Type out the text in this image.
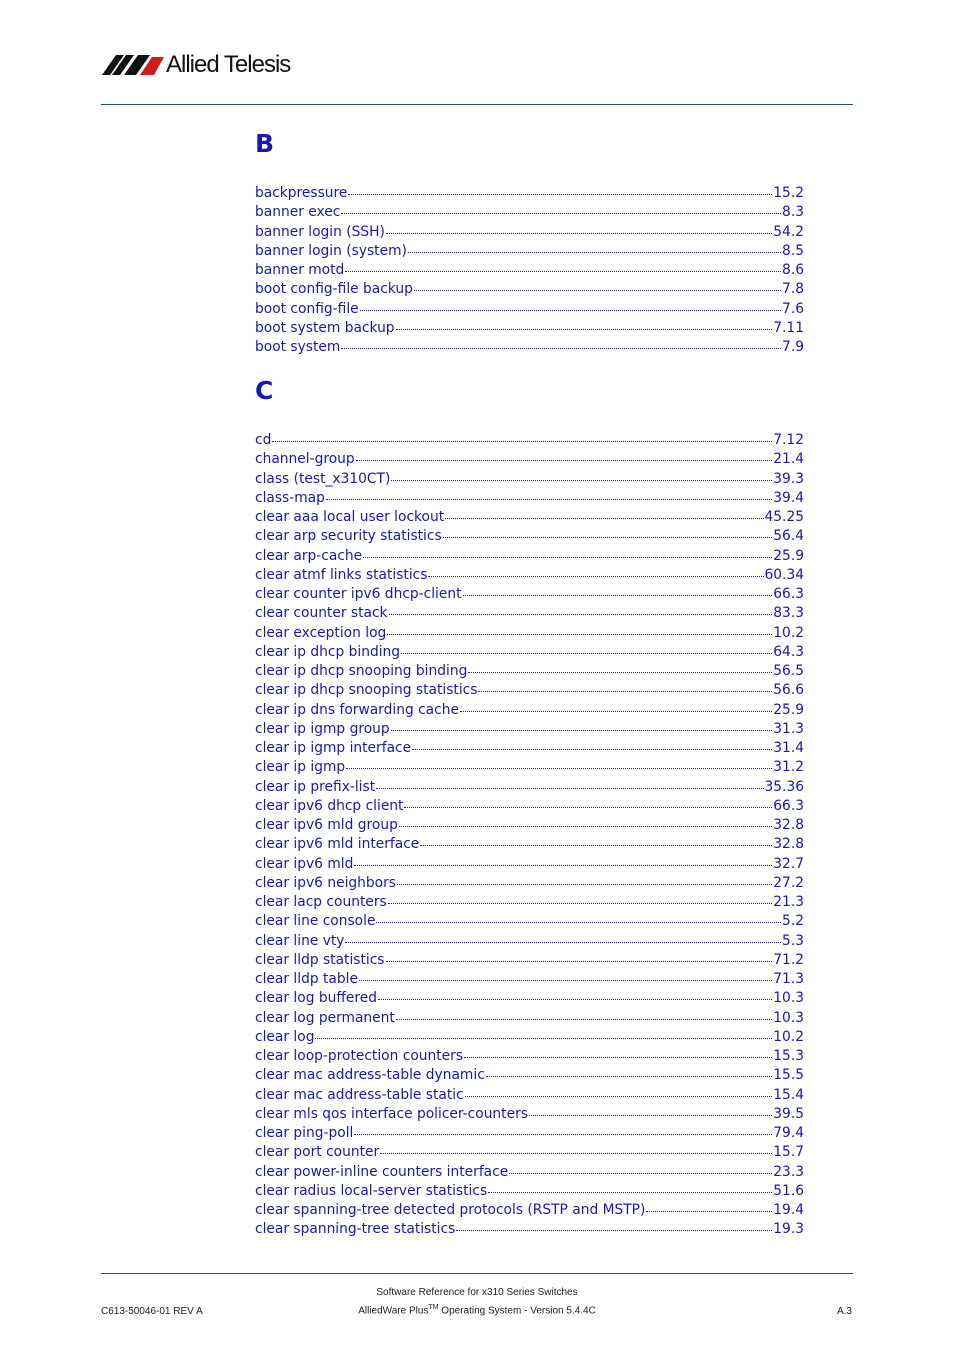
Allied Telesis
B
backpressure	15.2
banner exec	8.3
banner login (SSH)	54.2
banner login (system)	8.5
banner motd	8.6
boot config-file backup	7.8
boot config-file	7.6
boot system backup	7.11
boot system	7.9
C
cd	7.12
channel-group	21.4
class (test_x310CT)	39.3
class-map	39.4
clear aaa local user lockout	45.25
clear arp security statistics	56.4
clear arp-cache	25.9
clear atmf links statistics	60.34
clear counter ipv6 dhcp-client	66.3
clear counter stack	83.3
clear exception log	10.2
clear ip dhcp binding	64.3
clear ip dhcp snooping binding	56.5
clear ip dhcp snooping statistics	56.6
clear ip dns forwarding cache	25.9
clear ip igmp group	31.3
clear ip igmp interface	31.4
clear ip igmp	31.2
clear ip prefix-list	35.36
clear ipv6 dhcp client	66.3
clear ipv6 mld group	32.8
clear ipv6 mld interface	32.8
clear ipv6 mld	32.7
clear ipv6 neighbors	27.2
clear lacp counters	21.3
clear line console	5.2
clear line vty	5.3
clear lldp statistics	71.2
clear lldp table	71.3
clear log buffered	10.3
clear log permanent	10.3
clear log	10.2
clear loop-protection counters	15.3
clear mac address-table dynamic	15.5
clear mac address-table static	15.4
clear mls qos interface policer-counters	39.5
clear ping-poll	79.4
clear port counter	15.7
clear power-inline counters interface	23.3
clear radius local-server statistics	51.6
clear spanning-tree detected protocols (RSTP and MSTP)	19.4
clear spanning-tree statistics	19.3
Software Reference for x310 Series Switches
C613-50046-01 REV A	AlliedWare Plus™ Operating System - Version 5.4.4C	A.3
